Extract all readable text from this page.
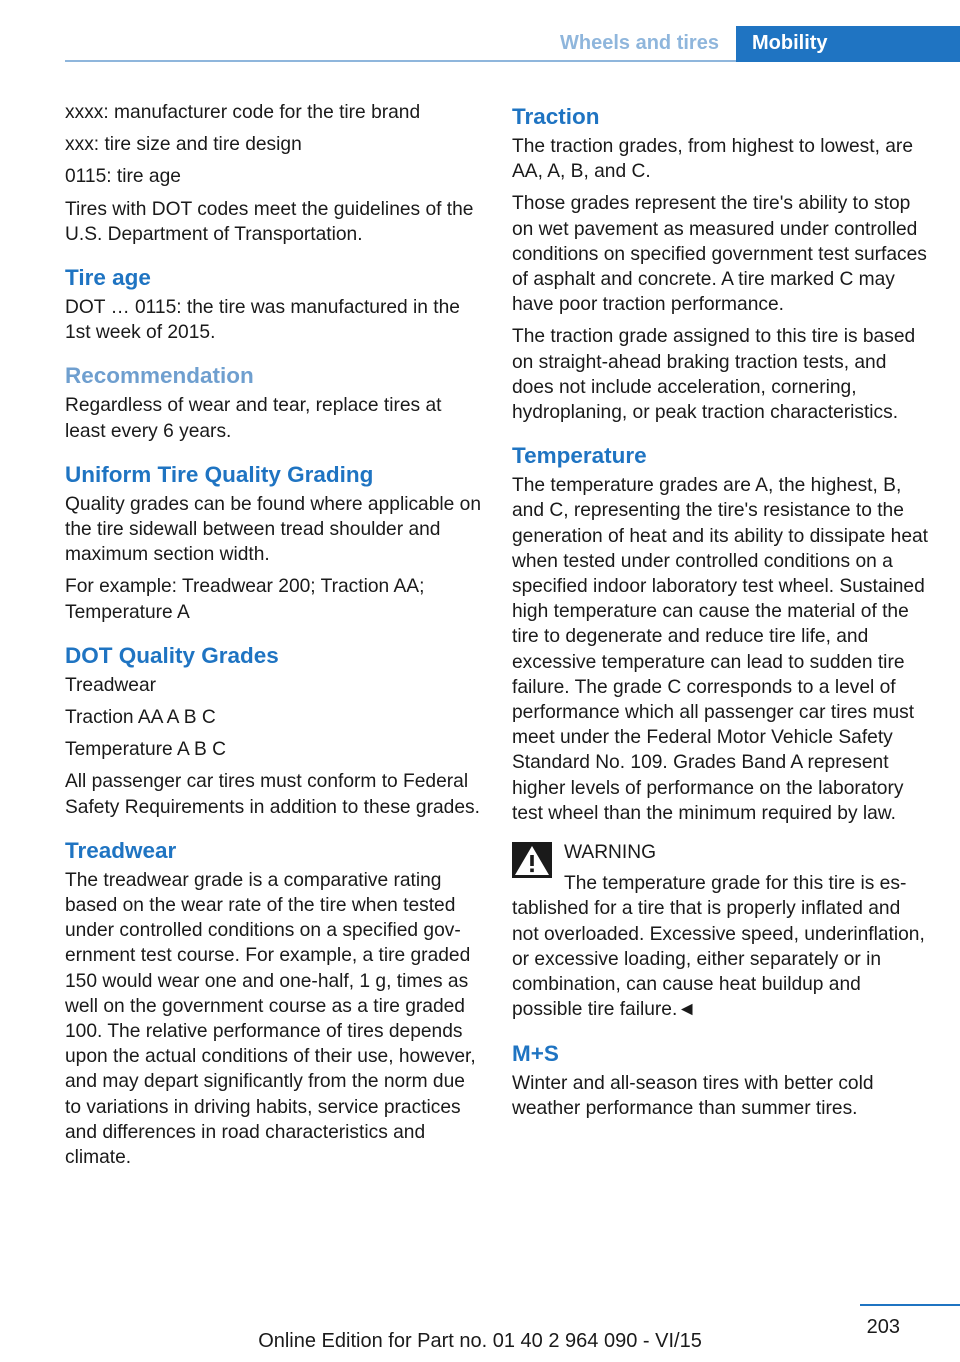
Wheels and tires	Mobility

xxxx: manufacturer code for the tire brand

xxx: tire size and tire design

0115: tire age

Tires with DOT codes meet the guidelines of the U.S. Department of Transportation.

Tire age

DOT … 0115: the tire was manufactured in the 1st week of 2015.

Recommendation

Regardless of wear and tear, replace tires at least every 6 years.

Uniform Tire Quality Grading

Quality grades can be found where applicable on the tire sidewall between tread shoulder and maximum section width.

For example: Treadwear 200; Traction AA; Temperature A

DOT Quality Grades

Treadwear

Traction AA A B C

Temperature A B C

All passenger car tires must conform to Federal Safety Requirements in addition to these grades.

Treadwear

The treadwear grade is a comparative rating based on the wear rate of the tire when tested under controlled conditions on a specified government test course. For example, a tire graded 150 would wear one and one-half, 1 g, times as well on the government course as a tire graded 100. The relative performance of tires depends upon the actual conditions of their use, however, and may depart significantly from the norm due to variations in driving habits, service practices and differences in road characteristics and climate.

Traction

The traction grades, from highest to lowest, are AA, A, B, and C.

Those grades represent the tire's ability to stop on wet pavement as measured under controlled conditions on specified government test surfaces of asphalt and concrete. A tire marked C may have poor traction performance.

The traction grade assigned to this tire is based on straight-ahead braking traction tests, and does not include acceleration, cornering, hydroplaning, or peak traction characteristics.

Temperature

The temperature grades are A, the highest, B, and C, representing the tire's resistance to the generation of heat and its ability to dissipate heat when tested under controlled conditions on a specified indoor laboratory test wheel. Sustained high temperature can cause the material of the tire to degenerate and reduce tire life, and excessive temperature can lead to sudden tire failure. The grade C corresponds to a level of performance which all passenger car tires must meet under the Federal Motor Vehicle Safety Standard No. 109. Grades Band A represent higher levels of performance on the laboratory test wheel than the minimum required by law.

WARNING

The temperature grade for this tire is established for a tire that is properly inflated and not overloaded. Excessive speed, underinflation, or excessive loading, either separately or in combination, can cause heat buildup and possible tire failure.◄

M+S

Winter and all-season tires with better cold weather performance than summer tires.

203
Online Edition for Part no. 01 40 2 964 090 - VI/15
